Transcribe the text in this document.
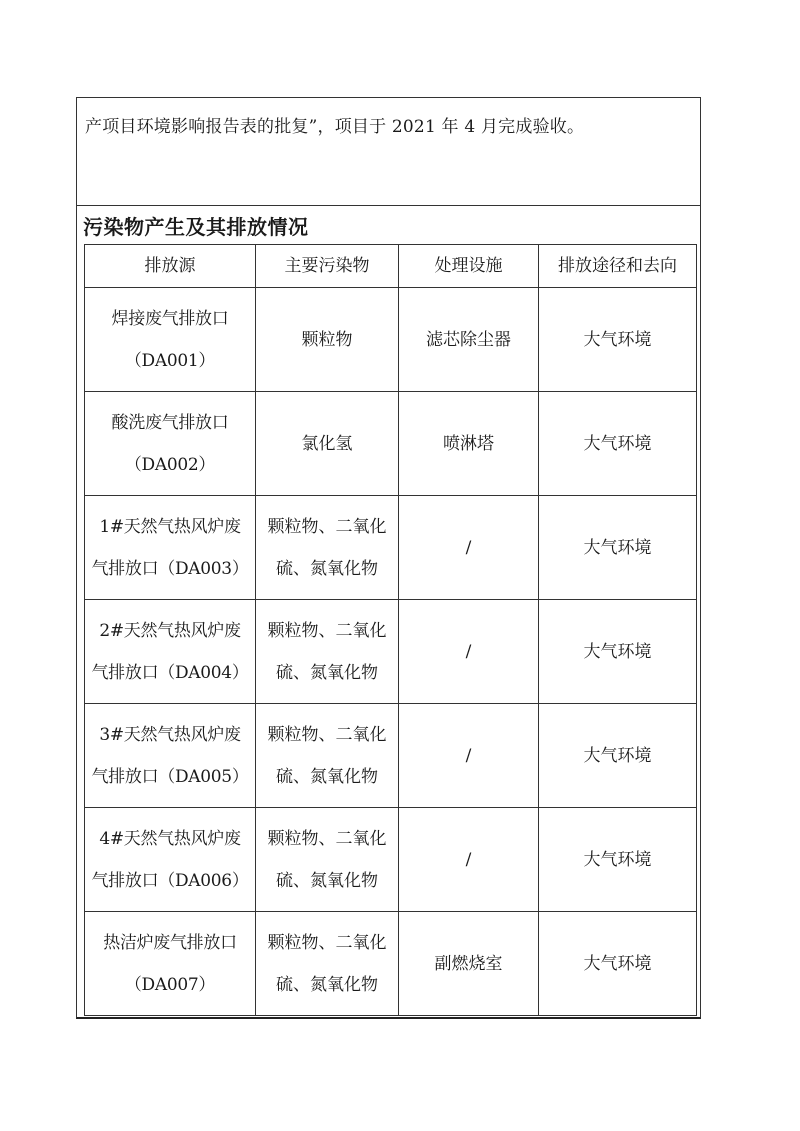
产项目环境影响报告表的批复”，项目于 2021 年 4 月完成验收。
污染物产生及其排放情况
排放源	主要污染物	处理设施	排放途径和去向

焊接废气排放口
（DA001）	颗粒物	滤芯除尘器	大气环境

酸洗废气排放口
（DA002）	氯化氢	喷淋塔	大气环境

1#天然气热风炉废
气排放口（DA003）	颗粒物、二氧化
硫、氮氧化物	/	大气环境

2#天然气热风炉废
气排放口（DA004）	颗粒物、二氧化
硫、氮氧化物	/	大气环境

3#天然气热风炉废
气排放口（DA005）	颗粒物、二氧化
硫、氮氧化物	/	大气环境

4#天然气热风炉废
气排放口（DA006）	颗粒物、二氧化
硫、氮氧化物	/	大气环境

热洁炉废气排放口
（DA007）	颗粒物、二氧化
硫、氮氧化物	副燃烧室	大气环境
